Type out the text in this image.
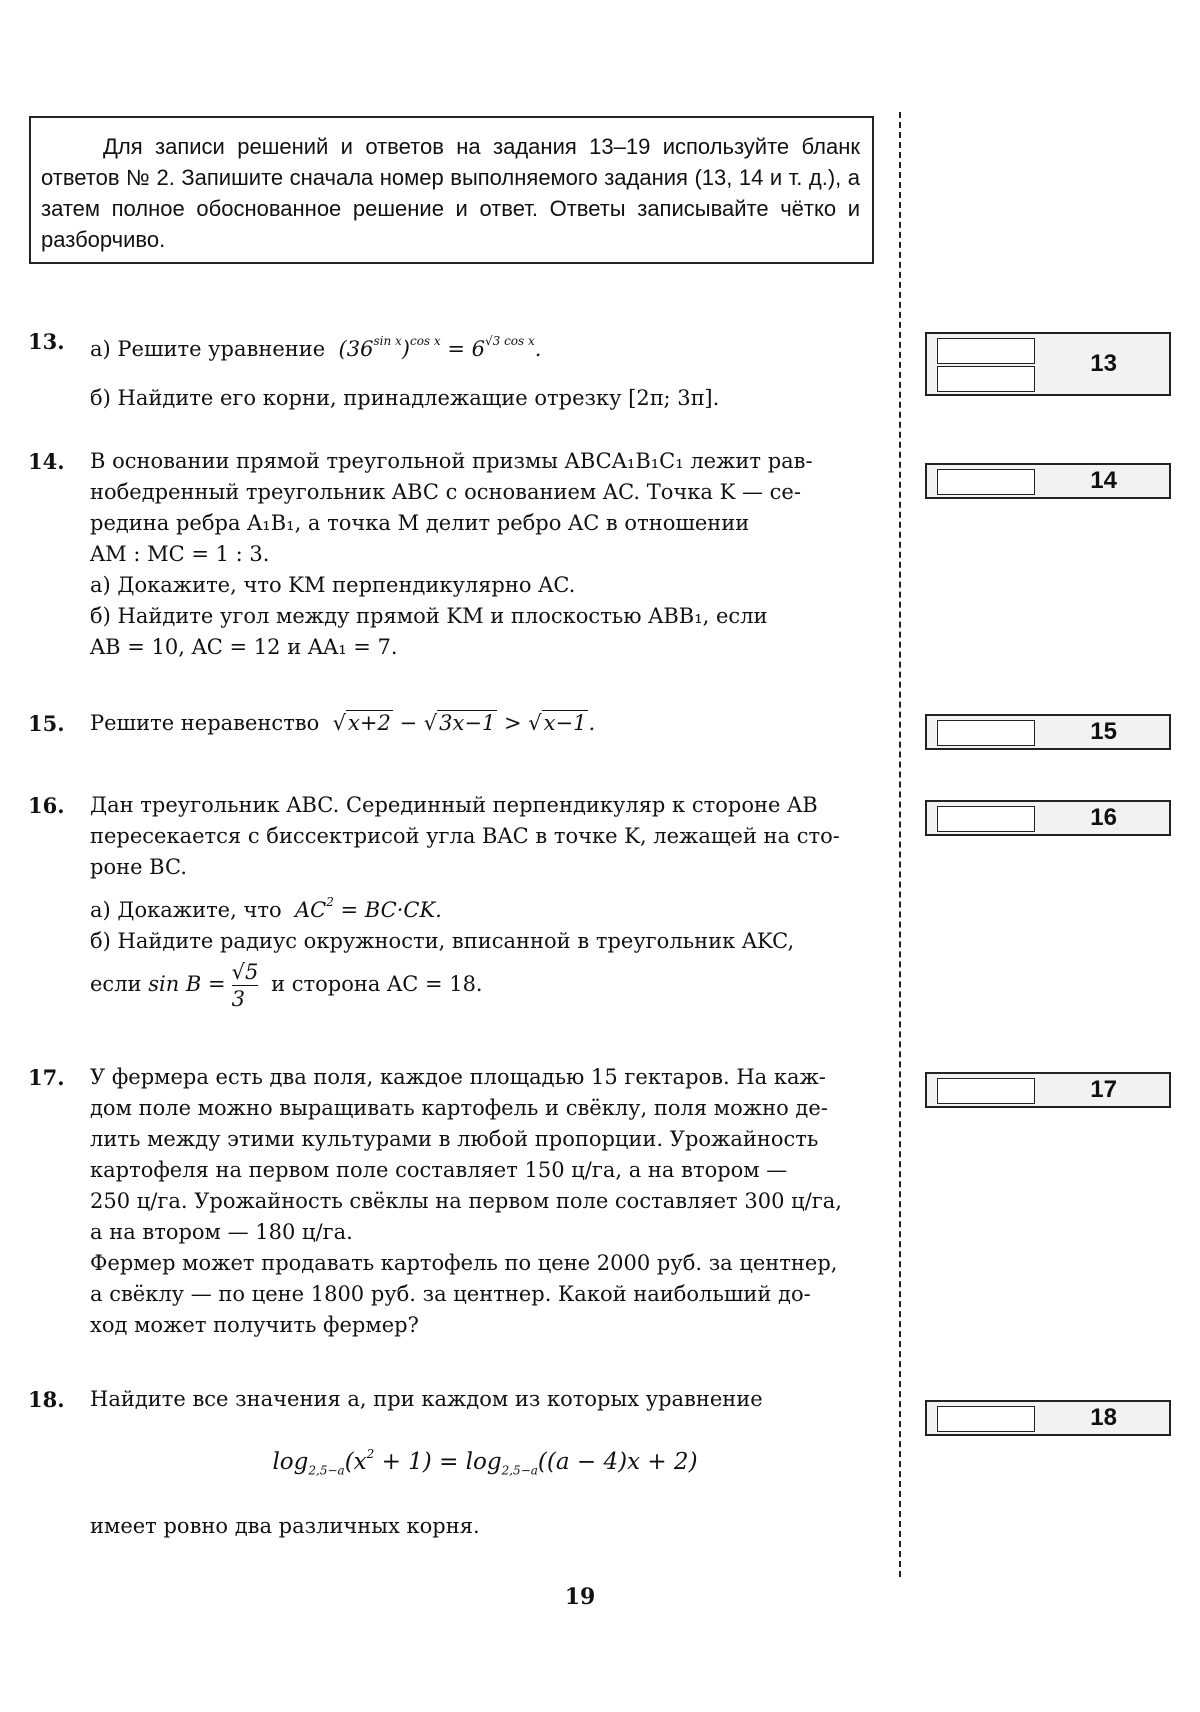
Для записи решений и ответов на задания 13–19 используйте бланк ответов № 2. Запишите сначала номер выполняемого задания (13, 14 и т. д.), а затем полное обоснованное решение и ответ. Ответы записывайте чётко и разборчиво.

13. а) Решите уравнение  $(36^{sin x})^{cos x} = 6^{√3 cos x}$.
б) Найдите его корни, принадлежащие отрезку [2π; 3π].
14. В основании прямой треугольной призмы ABCA₁B₁C₁ лежит рав-
нобедренный треугольник ABC с основанием AC. Точка K — се-
редина ребра A₁B₁, а точка M делит ребро AC в отношении
AM : MC = 1 : 3.
а) Докажите, что KM перпендикулярно AC.
б) Найдите угол между прямой KM и плоскостью ABB₁, если
AB = 10, AC = 12 и AA₁ = 7.
15. Решите неравенство  √x+2 − √3x−1 > √x−1.
16. Дан треугольник ABC. Серединный перпендикуляр к стороне AB
пересекается с биссектрисой угла BAC в точке K, лежащей на сто-
роне BC.
а) Докажите, что  $AC^2 = BC\cdot CK$.
б) Найдите радиус окружности, вписанной в треугольник AKC,
если $\sin B = \frac{√5}{3}$ и сторона AC = 18.
17. У фермера есть два поля, каждое площадью 15 гектаров. На каж-
дом поле можно выращивать картофель и свёклу, поля можно де-
лить между этими культурами в любой пропорции. Урожайность
картофеля на первом поле составляет 150 ц/га, а на втором —
250 ц/га. Урожайность свёклы на первом поле составляет 300 ц/га,
а на втором — 180 ц/га.
Фермер может продавать картофель по цене 2000 руб. за центнер,
а свёклу — по цене 1800 руб. за центнер. Какой наибольший до-
ход может получить фермер?
18. Найдите все значения a, при каждом из которых уравнение
$\log_{2,5-a}(x^2 + 1) = \log_{2,5-a}((a - 4)x + 2)$
имеет ровно два различных корня.
13
14
15
16
17
18
19
